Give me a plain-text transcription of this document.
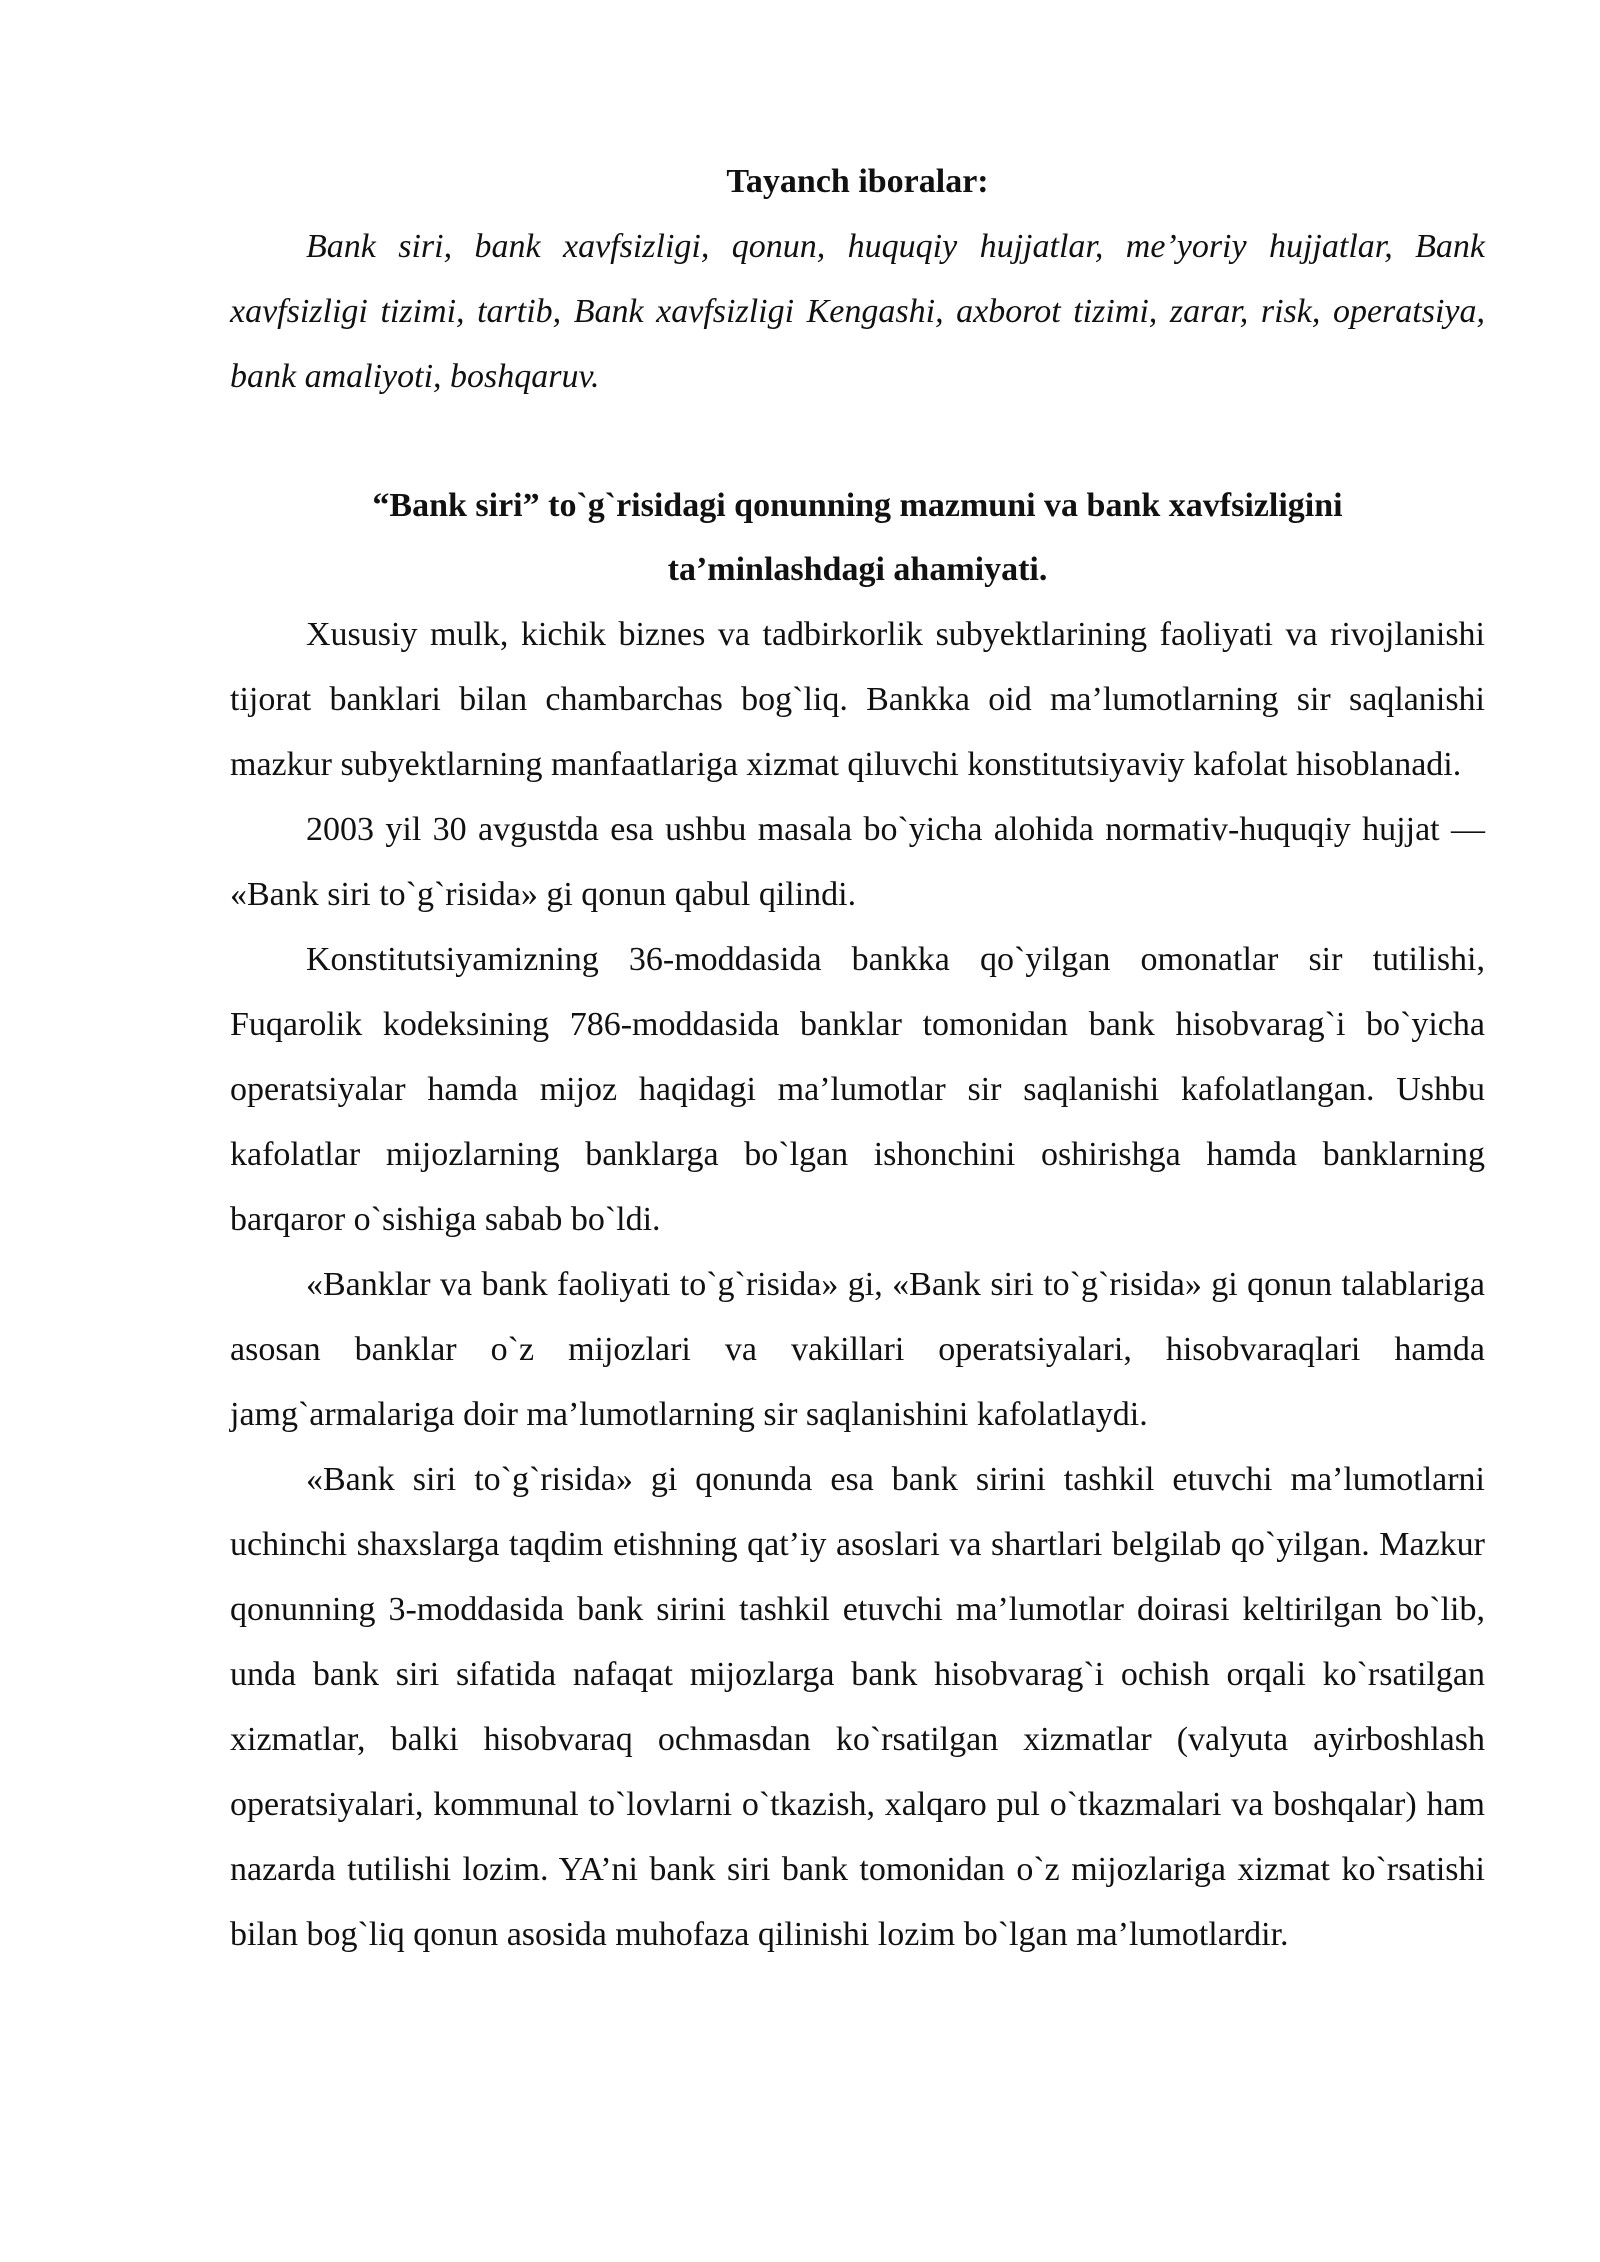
Tayanch iboralar:

Bank siri, bank xavfsizligi, qonun, huquqiy hujjatlar, me’yoriy hujjatlar, Bank xavfsizligi tizimi, tartib, Bank xavfsizligi Kengashi, axborot tizimi, zarar, risk, operatsiya, bank amaliyoti, boshqaruv.

“Bank siri” to`g`risidagi qonunning mazmuni va bank xavfsizligini

ta’minlashdagi ahamiyati.

Xususiy mulk, kichik biznes va tadbirkorlik subyektlarining faoliyati va rivojlanishi tijorat banklari bilan chambarchas bog`liq. Bankka oid ma’lumotlarning sir saqlanishi mazkur subyektlarning manfaatlariga xizmat qiluvchi konstitutsiyaviy kafolat hisoblanadi.

2003 yil 30 avgustda esa ushbu masala bo`yicha alohida normativ-huquqiy hujjat — «Bank siri to`g`risida» gi qonun qabul qilindi.

Konstitutsiyamizning 36-moddasida bankka qo`yilgan omonatlar sir tutilishi, Fuqarolik kodeksining 786-moddasida banklar tomonidan bank hisobvarag`i bo`yicha operatsiyalar hamda mijoz haqidagi ma’lumotlar sir saqlanishi kafolatlangan. Ushbu kafolatlar mijozlarning banklarga bo`lgan ishonchini oshirishga hamda banklarning barqaror o`sishiga sabab bo`ldi.

«Banklar va bank faoliyati to`g`risida» gi, «Bank siri to`g`risida» gi qonun talablariga asosan banklar o`z mijozlari va vakillari operatsiyalari, hisobvaraqlari hamda jamg`armalariga doir ma’lumotlarning sir saqlanishini kafolatlaydi.

«Bank siri to`g`risida» gi qonunda esa bank sirini tashkil etuvchi ma’lumotlarni uchinchi shaxslarga taqdim etishning qat’iy asoslari va shartlari belgilab qo`yilgan. Mazkur qonunning 3-moddasida bank sirini tashkil etuvchi ma’lumotlar doirasi keltirilgan bo`lib, unda bank siri sifatida nafaqat mijozlarga bank hisobvarag`i ochish orqali ko`rsatilgan xizmatlar, balki hisobvaraq ochmasdan ko`rsatilgan xizmatlar (valyuta ayirboshlash operatsiyalari, kommunal to`lovlarni o`tkazish, xalqaro pul o`tkazmalari va boshqalar) ham nazarda tutilishi lozim. YA’ni bank siri bank tomonidan o`z mijozlariga xizmat ko`rsatishi bilan bog`liq qonun asosida muhofaza qilinishi lozim bo`lgan ma’lumotlardir.
